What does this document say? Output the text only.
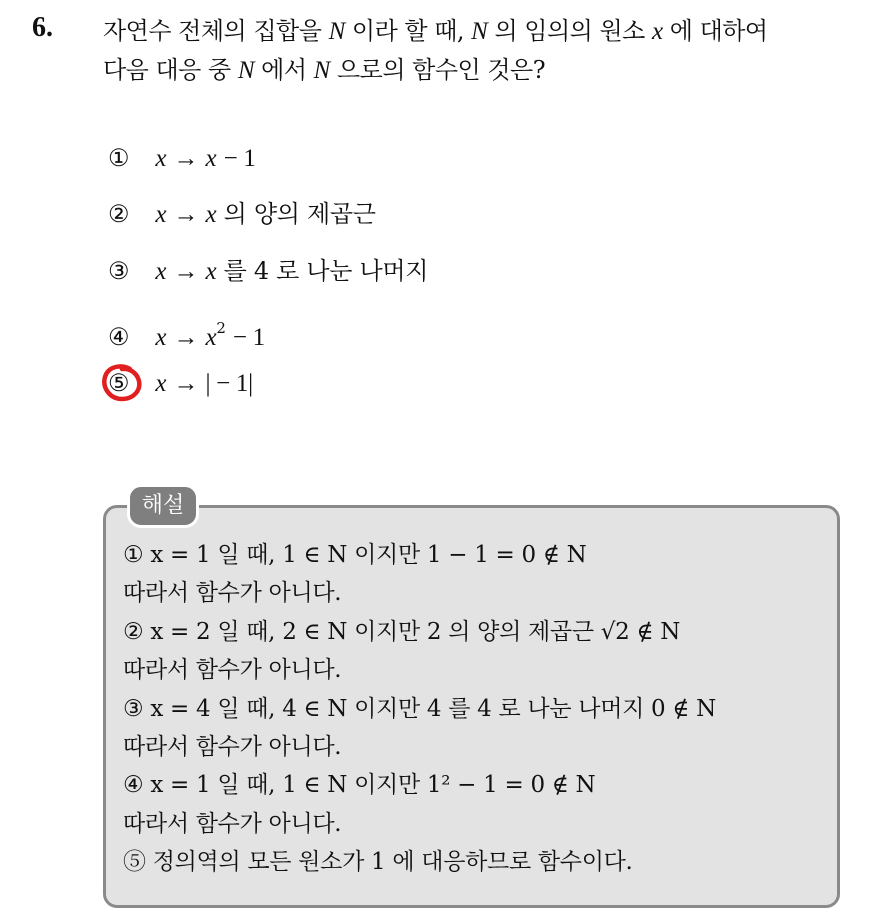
6. 자연수 전체의 집합을 N 이라 할 때, N 의 임의의 원소 x 에 대하여
다음 대응 중 N 에서 N 으로의 함수인 것은?
① x → x − 1
② x → x 의 양의 제곱근
③ x → x 를 4 로 나눈 나머지
④ $x \to x^2 - 1$
⑤ x → | − 1|
해설
① x = 1 일 때, 1 ∈ N 이지만 1 − 1 = 0 ∉ N
따라서 함수가 아니다.
② x = 2 일 때, 2 ∈ N 이지만 2 의 양의 제곱근 √2 ∉ N
따라서 함수가 아니다.
③ x = 4 일 때, 4 ∈ N 이지만 4 를 4 로 나눈 나머지 0 ∉ N
따라서 함수가 아니다.
④ x = 1 일 때, 1 ∈ N 이지만 1² − 1 = 0 ∉ N
따라서 함수가 아니다.
⑤ 정의역의 모든 원소가 1 에 대응하므로 함수이다.
